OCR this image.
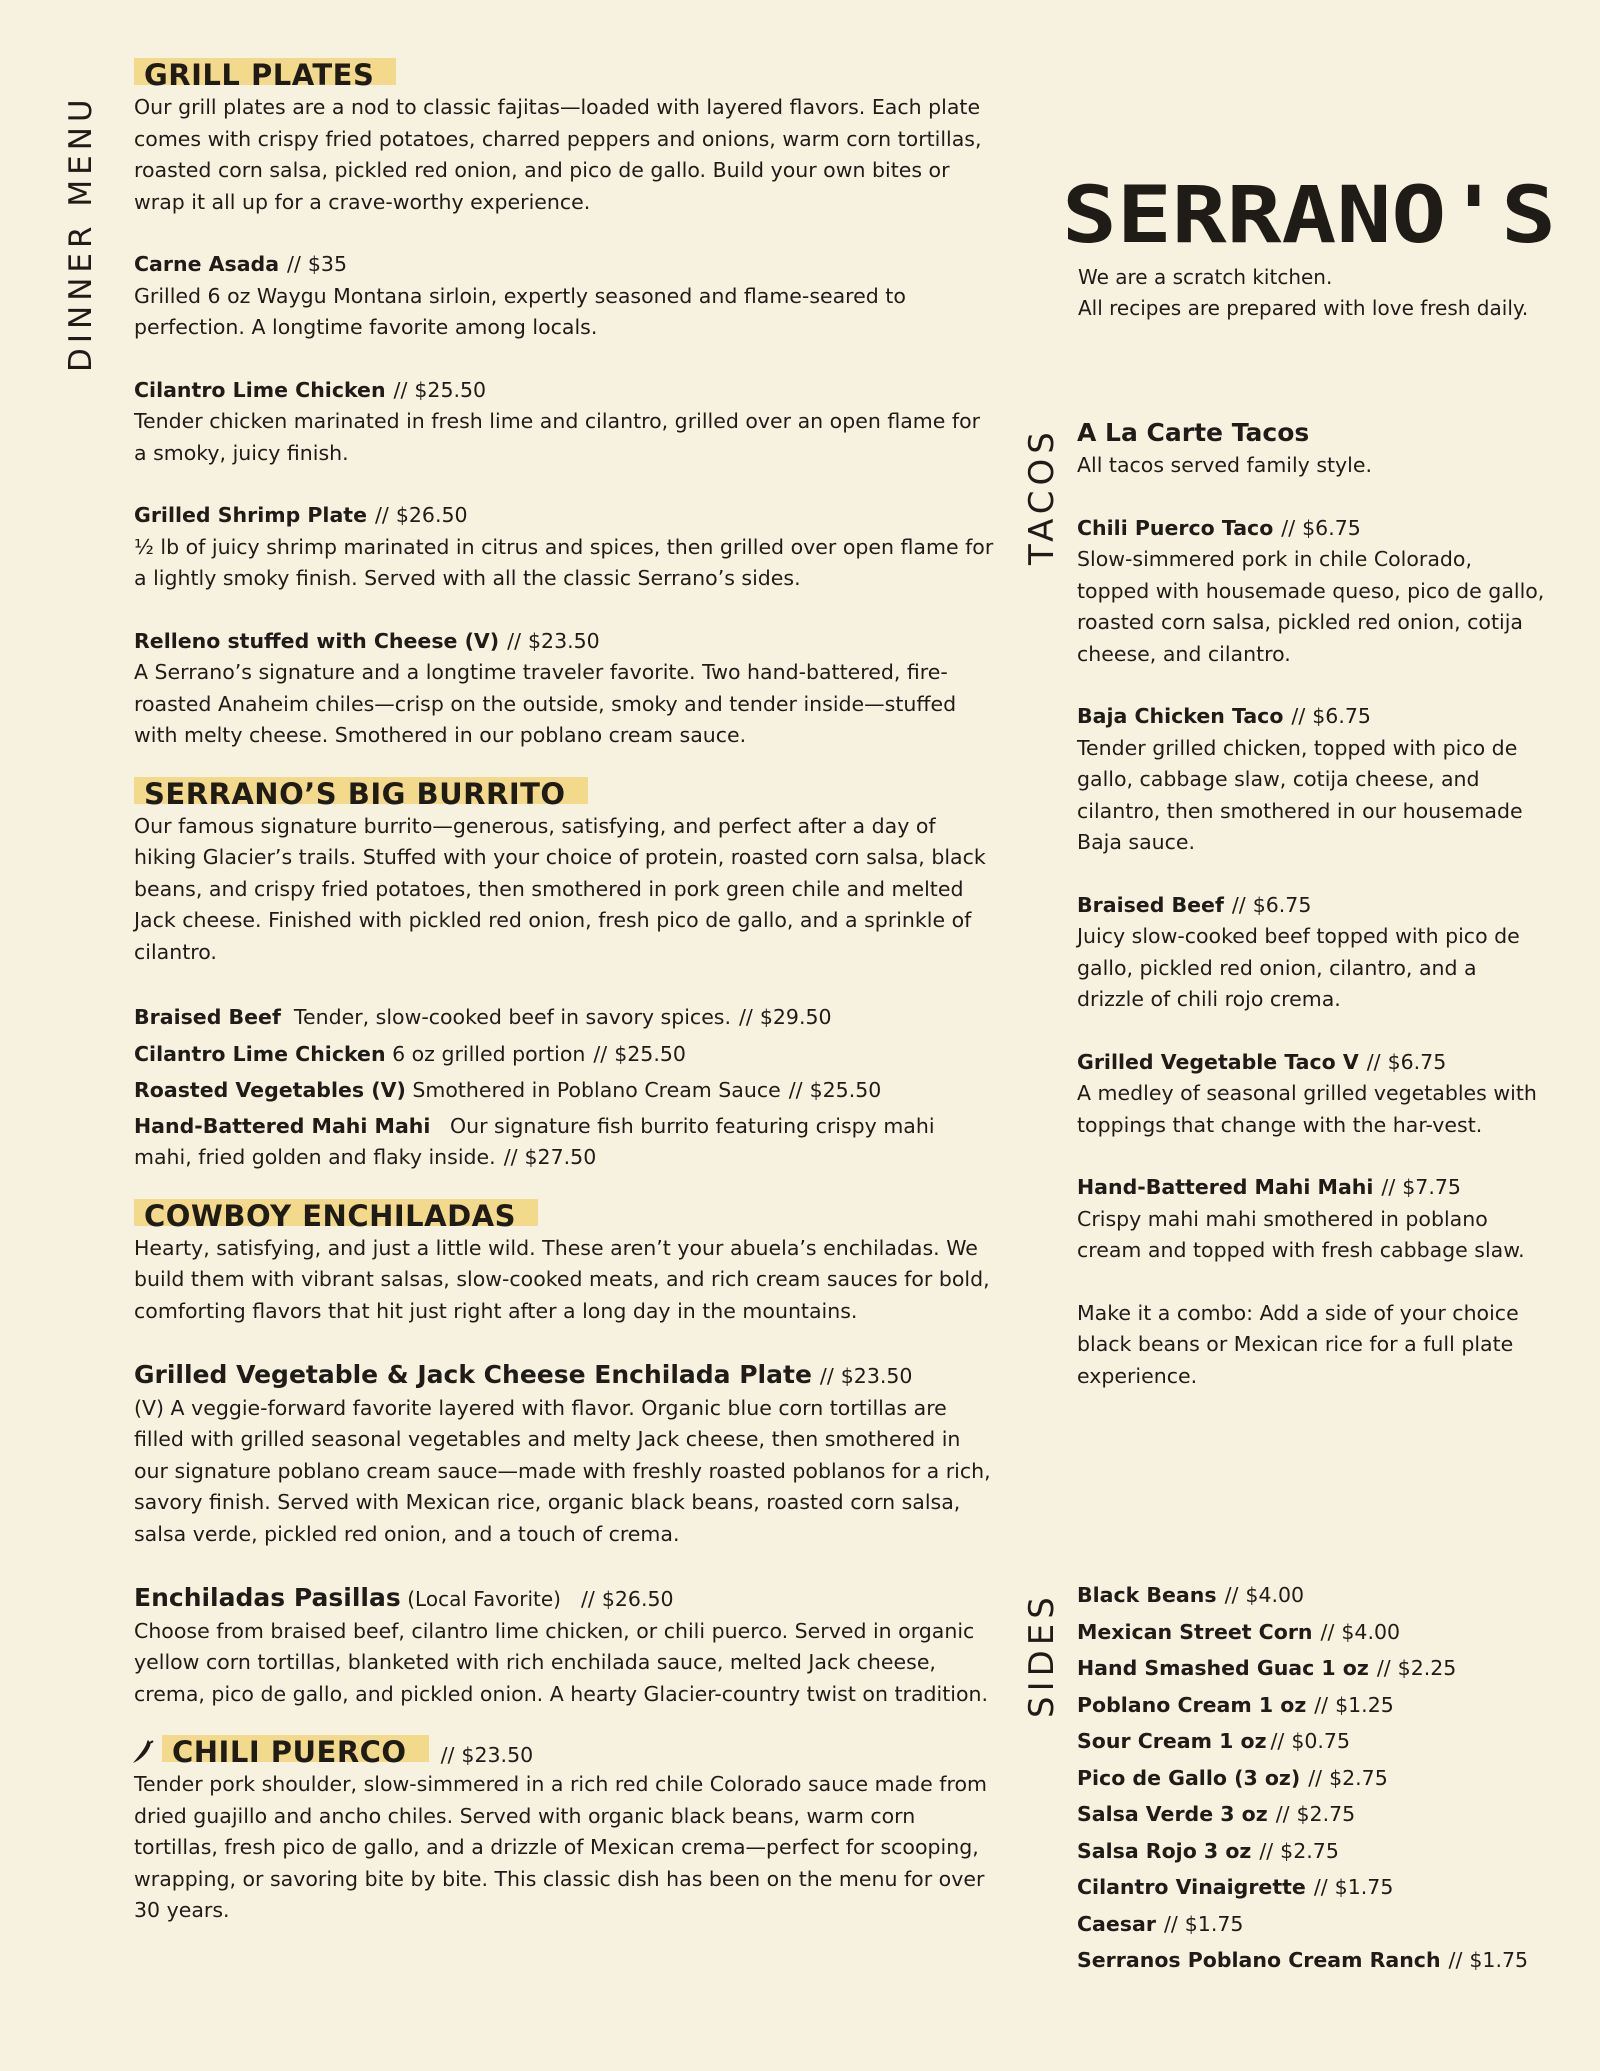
DINNER MENU
TACOS
SIDES
GRILL PLATES

Our grill plates are a nod to classic fajitas—loaded with layered flavors. Each plate comes with crispy fried potatoes, charred peppers and onions, warm corn tortillas, roasted corn salsa, pickled red onion, and pico de gallo. Build your own bites or wrap it all up for a crave-worthy experience.

Carne Asada // $35

Grilled 6 oz Waygu Montana sirloin, expertly seasoned and flame-seared to perfection. A longtime favorite among locals.

Cilantro Lime Chicken // $25.50

Tender chicken marinated in fresh lime and cilantro, grilled over an open flame for a smoky, juicy finish.

Grilled Shrimp Plate // $26.50

½ lb of juicy shrimp marinated in citrus and spices, then grilled over open flame for a lightly smoky finish. Served with all the classic Serrano’s sides.

Relleno stuffed with Cheese (V) // $23.50

A Serrano’s signature and a longtime traveler favorite. Two hand-battered, fire-roasted Anaheim chiles—crisp on the outside, smoky and tender inside—stuffed with melty cheese. Smothered in our poblano cream sauce.

SERRANO’S BIG BURRITO

Our famous signature burrito—generous, satisfying, and perfect after a day of hiking Glacier’s trails. Stuffed with your choice of protein, roasted corn salsa, black beans, and crispy fried potatoes, then smothered in pork green chile and melted Jack cheese. Finished with pickled red onion, fresh pico de gallo, and a sprinkle of cilantro.

Braised Beef Tender, slow-cooked beef in savory spices. // $29.50
Cilantro Lime Chicken 6 oz grilled portion // $25.50
Roasted Vegetables (V) Smothered in Poblano Cream Sauce // $25.50
Hand-Battered Mahi Mahi Our signature fish burrito featuring crispy mahi mahi, fried golden and flaky inside. // $27.50
COWBOY ENCHILADAS

Hearty, satisfying, and just a little wild. These aren’t your abuela’s enchiladas. We build them with vibrant salsas, slow-cooked meats, and rich cream sauces for bold, comforting flavors that hit just right after a long day in the mountains.

Grilled Vegetable & Jack Cheese Enchilada Plate // $23.50

(V) A veggie-forward favorite layered with flavor. Organic blue corn tortillas are filled with grilled seasonal vegetables and melty Jack cheese, then smothered in our signature poblano cream sauce—made with freshly roasted poblanos for a rich, savory finish. Served with Mexican rice, organic black beans, roasted corn salsa, salsa verde, pickled red onion, and a touch of crema.

Enchiladas Pasillas (Local Favorite) // $26.50

Choose from braised beef, cilantro lime chicken, or chili puerco. Served in organic yellow corn tortillas, blanketed with rich enchilada sauce, melted Jack cheese, crema, pico de gallo, and pickled onion. A hearty Glacier-country twist on tradition.

CHILI PUERCO // $23.50

Tender pork shoulder, slow-simmered in a rich red chile Colorado sauce made from dried guajillo and ancho chiles. Served with organic black beans, warm corn tortillas, fresh pico de gallo, and a drizzle of Mexican crema—perfect for scooping, wrapping, or savoring bite by bite. This classic dish has been on the menu for over 30 years.

SERRANO'S
We are a scratch kitchen.
All recipes are prepared with love fresh daily.
A La Carte Tacos

All tacos served family style.

Chili Puerco Taco // $6.75

Slow-simmered pork in chile Colorado, topped with housemade queso, pico de gallo, roasted corn salsa, pickled red onion, cotija cheese, and cilantro.

Baja Chicken Taco // $6.75

Tender grilled chicken, topped with pico de gallo, cabbage slaw, cotija cheese, and cilantro, then smothered in our housemade Baja sauce.

Braised Beef // $6.75

Juicy slow-cooked beef topped with pico de gallo, pickled red onion, cilantro, and a drizzle of chili rojo crema.

Grilled Vegetable Taco V // $6.75

A medley of seasonal grilled vegetables with toppings that change with the har-vest.

Hand-Battered Mahi Mahi // $7.75

Crispy mahi mahi smothered in poblano cream and topped with fresh cabbage slaw.

Make it a combo: Add a side of your choice black beans or Mexican rice for a full plate experience.

Black Beans // $4.00
Mexican Street Corn // $4.00
Hand Smashed Guac 1 oz // $2.25
Poblano Cream 1 oz // $1.25
Sour Cream 1 oz // $0.75
Pico de Gallo (3 oz) // $2.75
Salsa Verde 3 oz // $2.75
Salsa Rojo 3 oz // $2.75
Cilantro Vinaigrette // $1.75
Caesar // $1.75
Serranos Poblano Cream Ranch // $1.75
